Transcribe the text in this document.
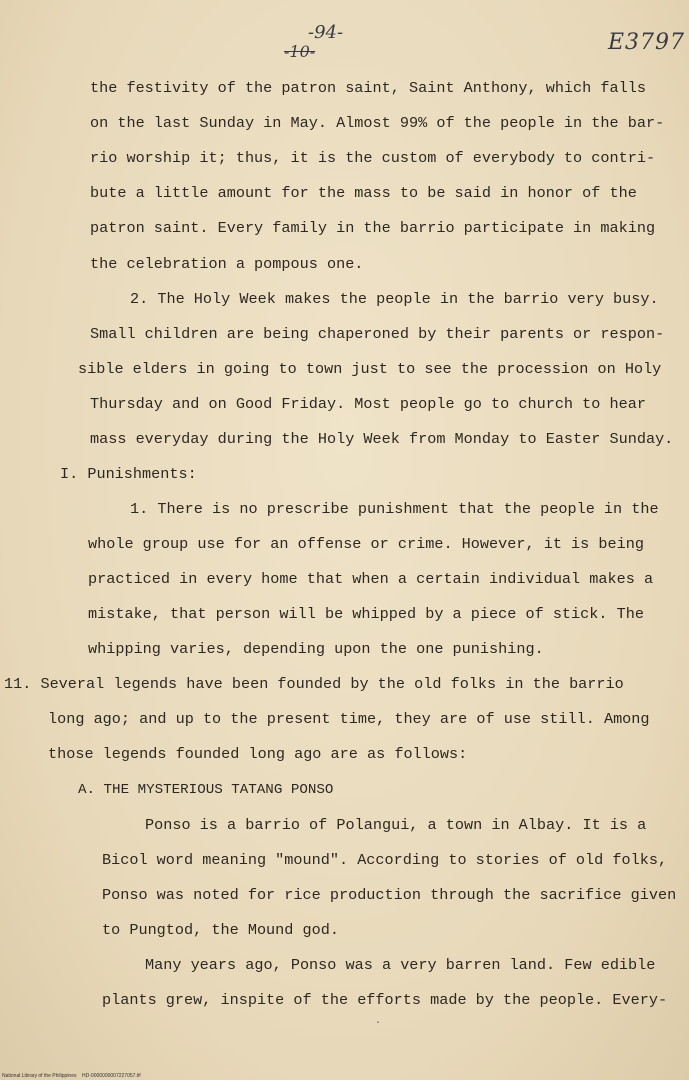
-94-
-10-	E3797
the festivity of the patron saint, Saint Anthony, which falls
on the last Sunday in May. Almost 99% of the people in the bar-
rio worship it; thus, it is the custom of everybody to contri-
bute a little amount for the mass to be said in honor of the
patron saint. Every family in the barrio participate in making
the celebration a pompous one.
2. The Holy Week makes the people in the barrio very busy.
Small children are being chaperoned by their parents or respon-
sible elders in going to town just to see the procession on Holy
Thursday and on Good Friday. Most people go to church to hear
mass everyday during the Holy Week from Monday to Easter Sunday.
I. Punishments:
1. There is no prescribe punishment that the people in the
whole group use for an offense or crime. However, it is being
practiced in every home that when a certain individual makes a
mistake, that person will be whipped by a piece of stick. The
whipping varies, depending upon the one punishing.
11. Several legends have been founded by the old folks in the barrio
long ago; and up to the present time, they are of use still. Among
those legends founded long ago are as follows:
A. THE MYSTERIOUS TATANG PONSO
Ponso is a barrio of Polangui, a town in Albay. It is a
Bicol word meaning "mound". According to stories of old folks,
Ponso was noted for rice production through the sacrifice given
to Pungtod, the Mound god.
Many years ago, Ponso was a very barren land. Few edible
plants grew, inspite of the efforts made by the people. Every-
·
National Library of the Philippines    HD-0000000007227057.tif
